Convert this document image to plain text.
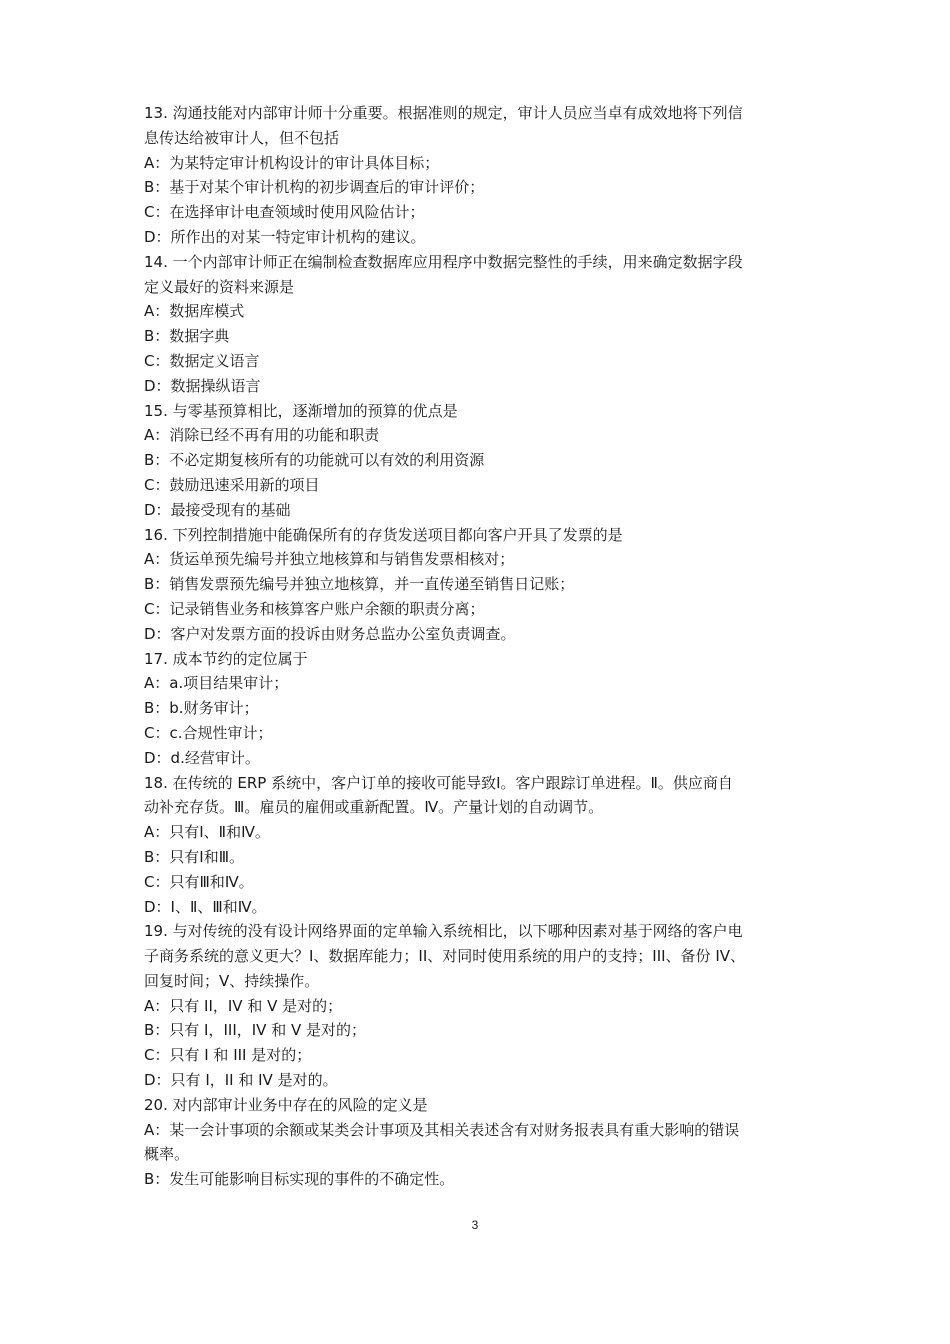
13. 沟通技能对内部审计师十分重要。根据准则的规定，审计人员应当卓有成效地将下列信
息传达给被审计人，但不包括
A：为某特定审计机构设计的审计具体目标；
B：基于对某个审计机构的初步调查后的审计评价；
C：在选择审计电查领域时使用风险估计；
D：所作出的对某一特定审计机构的建议。
14. 一个内部审计师正在编制检查数据库应用程序中数据完整性的手续，用来确定数据字段
定义最好的资料来源是
A：数据库模式
B：数据字典
C：数据定义语言
D：数据操纵语言
15. 与零基预算相比，逐渐增加的预算的优点是
A：消除已经不再有用的功能和职责
B：不必定期复核所有的功能就可以有效的利用资源
C：鼓励迅速采用新的项目
D：最接受现有的基础
16. 下列控制措施中能确保所有的存货发送项目都向客户开具了发票的是
A：货运单预先编号并独立地核算和与销售发票相核对；
B：销售发票预先编号并独立地核算，并一直传递至销售日记账；
C：记录销售业务和核算客户账户余额的职责分离；
D：客户对发票方面的投诉由财务总监办公室负责调查。
17. 成本节约的定位属于
A：a.项目结果审计；
B：b.财务审计；
C：c.合规性审计；
D：d.经营审计。
18. 在传统的 ERP 系统中，客户订单的接收可能导致Ⅰ。客户跟踪订单进程。Ⅱ。供应商自
动补充存货。Ⅲ。雇员的雇佣或重新配置。Ⅳ。产量计划的自动调节。
A：只有Ⅰ、Ⅱ和Ⅳ。
B：只有Ⅰ和Ⅲ。
C：只有Ⅲ和Ⅳ。
D：Ⅰ、Ⅱ、Ⅲ和Ⅳ。
19. 与对传统的没有设计网络界面的定单输入系统相比，以下哪种因素对基于网络的客户电
子商务系统的意义更大？I、数据库能力；II、对同时使用系统的用户的支持；III、备份 IV、
回复时间；V、持续操作。
A：只有 II，IV 和 V 是对的；
B：只有 I，III，IV 和 V 是对的；
C：只有 I 和 III 是对的；
D：只有 I，II 和 IV 是对的。
20. 对内部审计业务中存在的风险的定义是
A：某一会计事项的余额或某类会计事项及其相关表述含有对财务报表具有重大影响的错误
概率。
B：发生可能影响目标实现的事件的不确定性。
3
